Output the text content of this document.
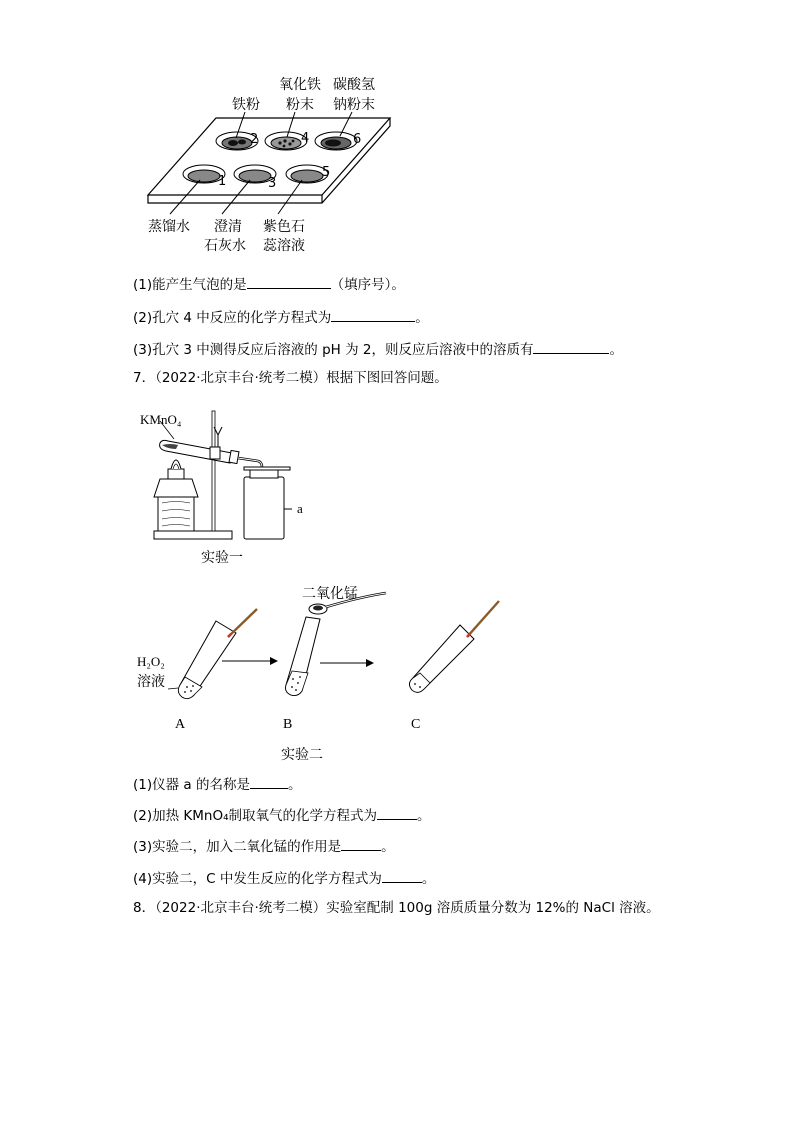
铁粉
氧化铁
粉末
碳酸氢
钠粉末
2	4	6
1	3
5
蒸馏水 澄清
石灰水
紫色石
蕊溶液
(1)能产生气泡的是	（填序号）。
(2)孔穴 4 中反应的化学方程式为	。
(3)孔穴 3 中测得反应后溶液的 pH 为 2，则反应后溶液中的溶质有	。
7．（2022·北京丰台·统考二模）根据下图回答问题。
KMnO₄
a
实验一
二氧化锰
H₂O₂
溶液
A	B	C
实验二
(1)仪器 a 的名称是	。
(2)加热 KMnO₄制取氧气的化学方程式为	。
(3)实验二，加入二氧化锰的作用是	。
(4)实验二，C 中发生反应的化学方程式为	。
8．（2022·北京丰台·统考二模）实验室配制 100g 溶质质量分数为 12%的 NaCl 溶液。
